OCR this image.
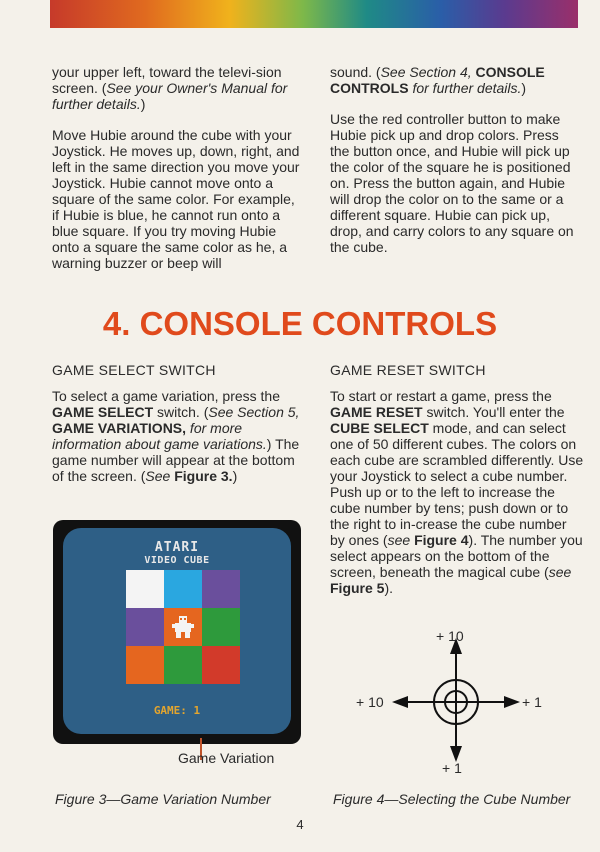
your upper left, toward the televi-sion screen. (See your Owner's Manual for further details.)

Move Hubie around the cube with your Joystick. He moves up, down, right, and left in the same direction you move your Joystick. Hubie cannot move onto a square of the same color. For example, if Hubie is blue, he cannot run onto a blue square. If you try moving Hubie onto a square the same color as he, a warning buzzer or beep will

sound. (See Section 4, CONSOLE CONTROLS for further details.)

Use the red controller button to make Hubie pick up and drop colors. Press the button once, and Hubie will pick up the color of the square he is positioned on. Press the button again, and Hubie will drop the color on to the same or a different square. Hubie can pick up, drop, and carry colors to any square on the cube.

4. CONSOLE CONTROLS
GAME SELECT SWITCH

To select a game variation, press the GAME SELECT switch. (See Section 5, GAME VARIATIONS, for more information about game variations.) The game number will appear at the bottom of the screen. (See Figure 3.)

GAME RESET SWITCH

To start or restart a game, press the GAME RESET switch. You'll enter the CUBE SELECT mode, and can select one of 50 different cubes. The colors on each cube are scrambled differently. Use your Joystick to select a cube number. Push up or to the left to increase the cube number by tens; push down or to the right to in-crease the cube number by ones (see Figure 4). The number you select appears on the bottom of the screen, beneath the magical cube (see Figure 5).

ATARI
VIDEO CUBE
GAME: 1
Game Variation
+ 10
+ 10	+ 1
+ 1
Figure 3—Game Variation Number	Figure 4—Selecting the Cube Number
4
